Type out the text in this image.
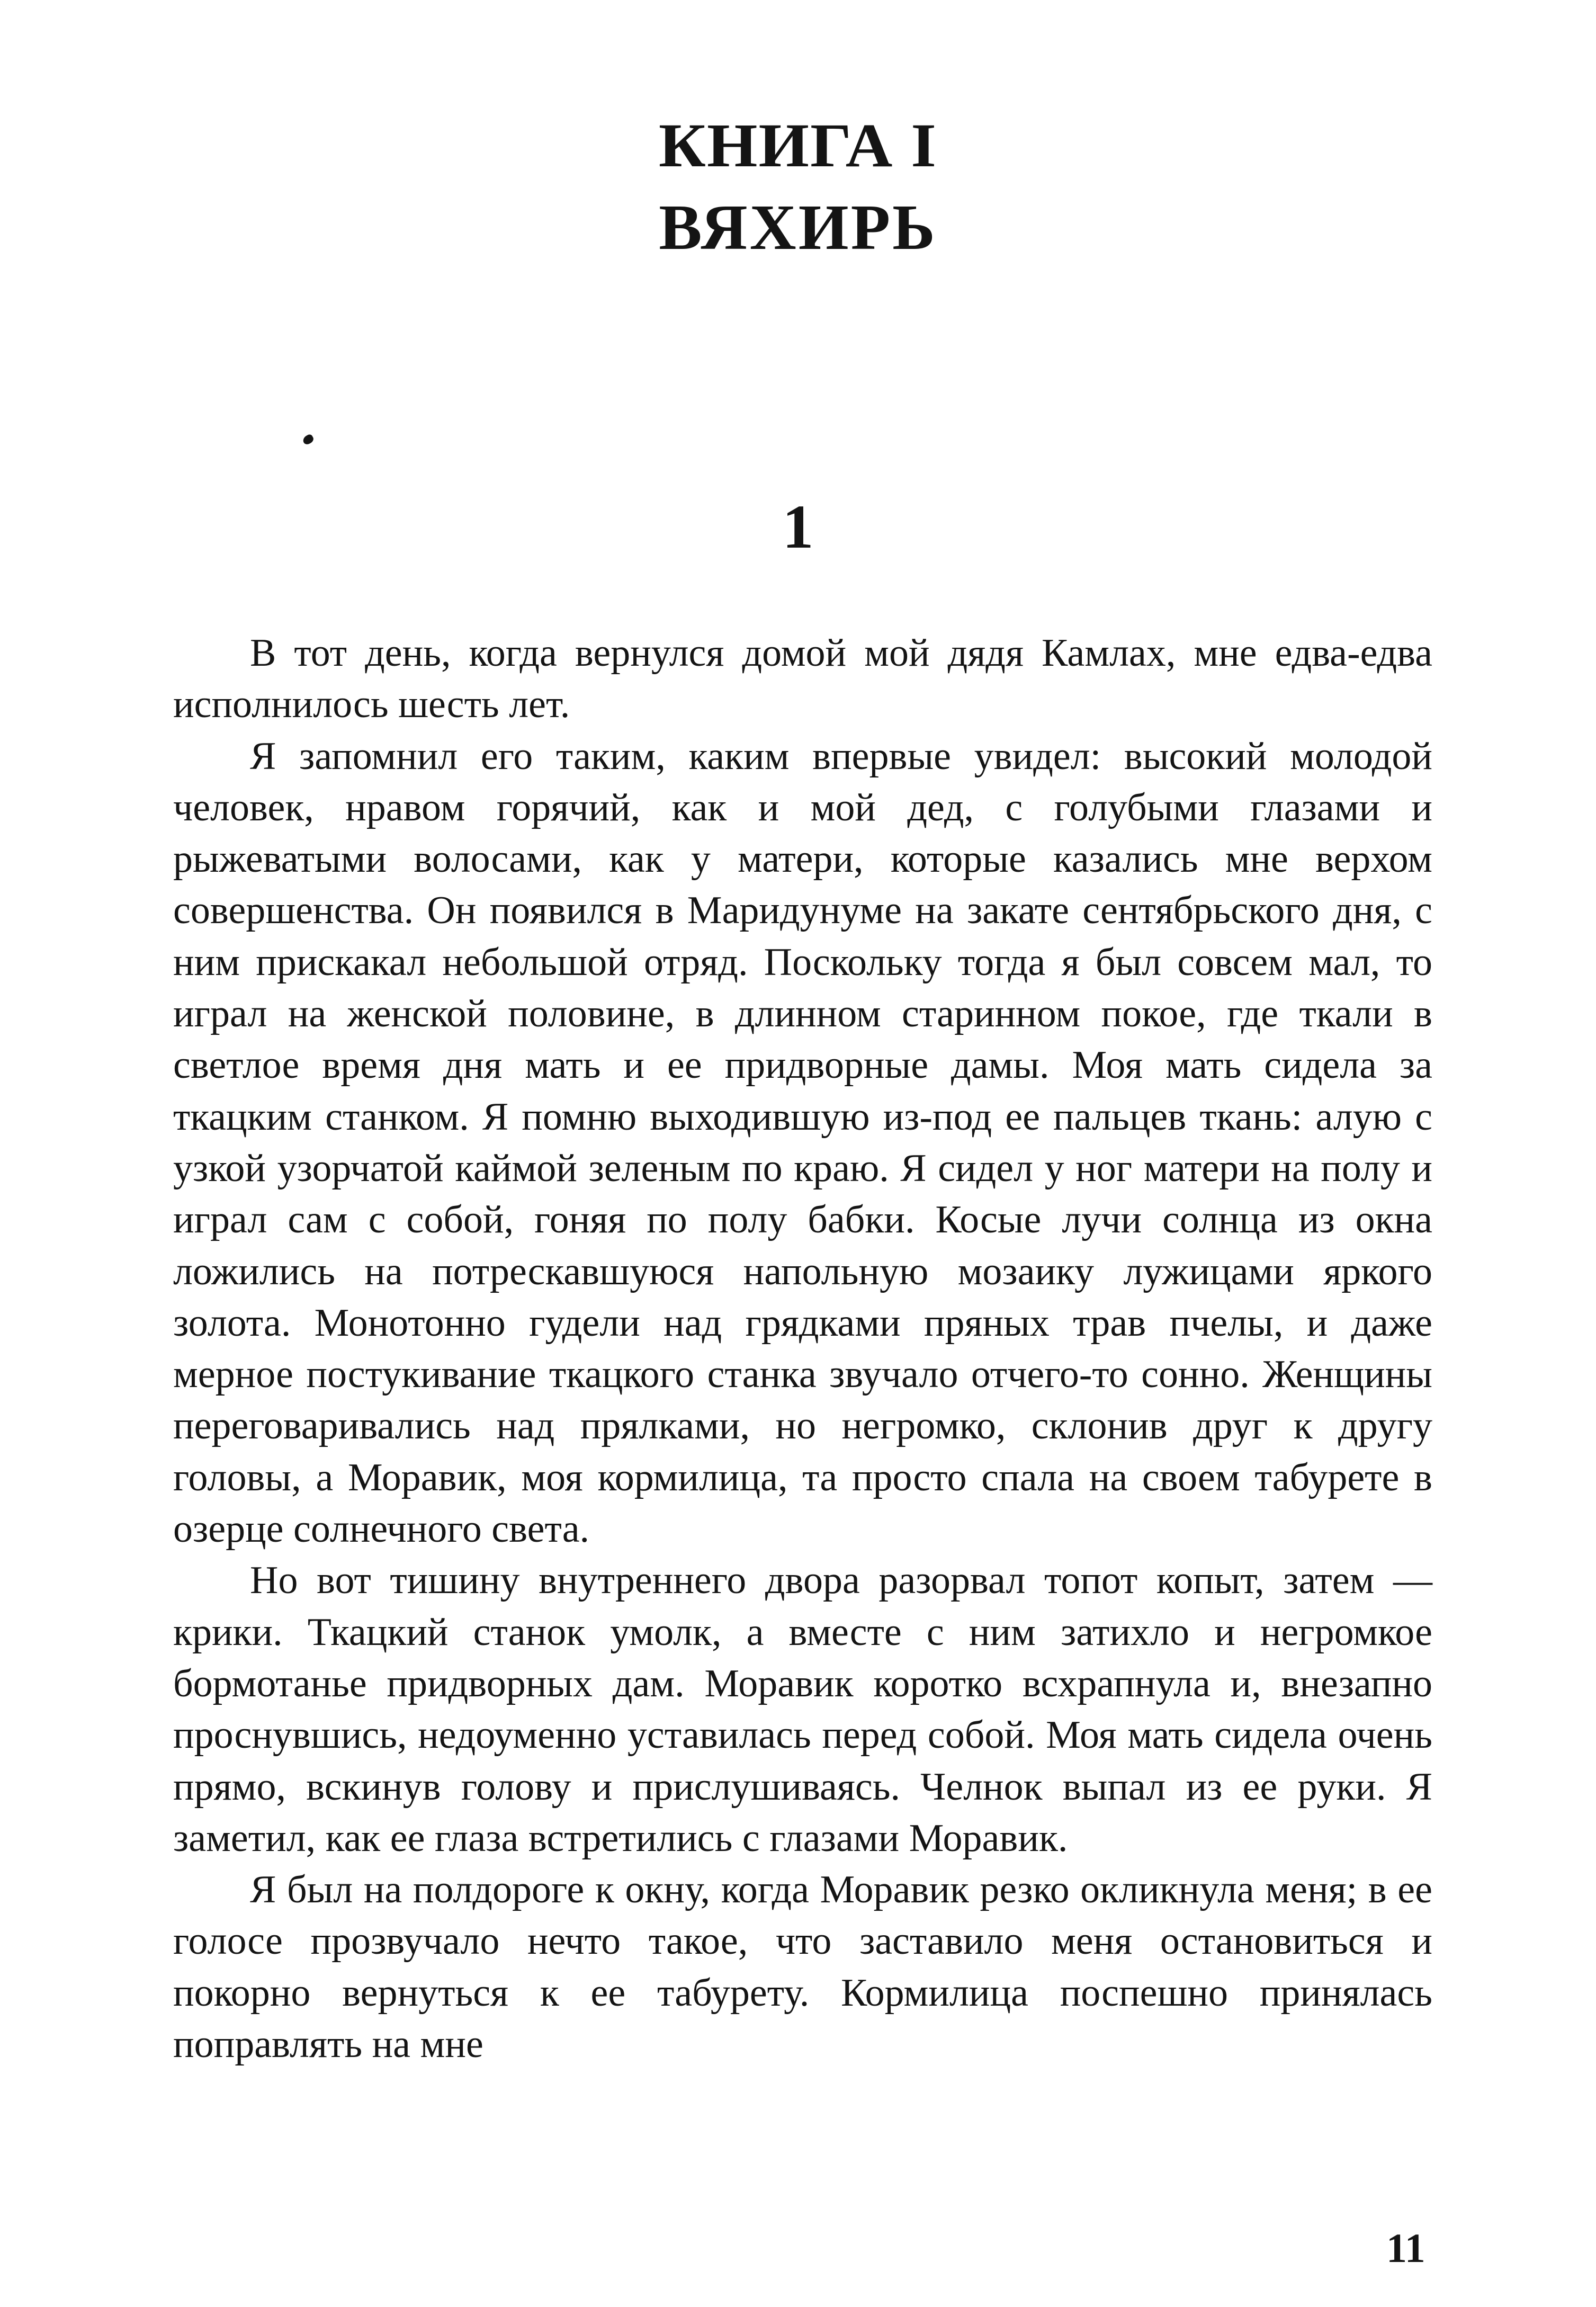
КНИГА I
ВЯХИРЬ
1

В тот день, когда вернулся домой мой дядя Камлах, мне едва-едва исполнилось шесть лет.

Я запомнил его таким, каким впервые увидел: высокий молодой человек, нравом горячий, как и мой дед, с голубыми глазами и рыжеватыми волосами, как у матери, которые казались мне верхом совершенства. Он появился в Маридунуме на закате сентябрьского дня, с ним прискакал небольшой отряд. Поскольку тогда я был совсем мал, то играл на женской половине, в длинном старинном покое, где ткали в светлое время дня мать и ее придворные дамы. Моя мать сидела за ткацким станком. Я помню выходившую из-под ее пальцев ткань: алую с узкой узорчатой каймой зеленым по краю. Я сидел у ног матери на полу и играл сам с собой, гоняя по полу бабки. Косые лучи солнца из окна ложились на потрескавшуюся напольную мозаику лужицами яркого золота. Монотонно гудели над грядками пряных трав пчелы, и даже мерное постукивание ткацкого станка звучало отчего-то сонно. Женщины переговаривались над прялками, но негромко, склонив друг к другу головы, а Моравик, моя кормилица, та просто спала на своем табурете в озерце солнечного света.

Но вот тишину внутреннего двора разорвал топот копыт, затем — крики. Ткацкий станок умолк, а вместе с ним затихло и негромкое бормотанье придворных дам. Моравик коротко всхрапнула и, внезапно проснувшись, недоуменно уставилась перед собой. Моя мать сидела очень прямо, вскинув голову и прислушиваясь. Челнок выпал из ее руки. Я заметил, как ее глаза встретились с глазами Моравик.

Я был на полдороге к окну, когда Моравик резко окликнула меня; в ее голосе прозвучало нечто такое, что заставило меня остановиться и покорно вернуться к ее табурету. Кормилица поспешно принялась поправлять на мне

11
